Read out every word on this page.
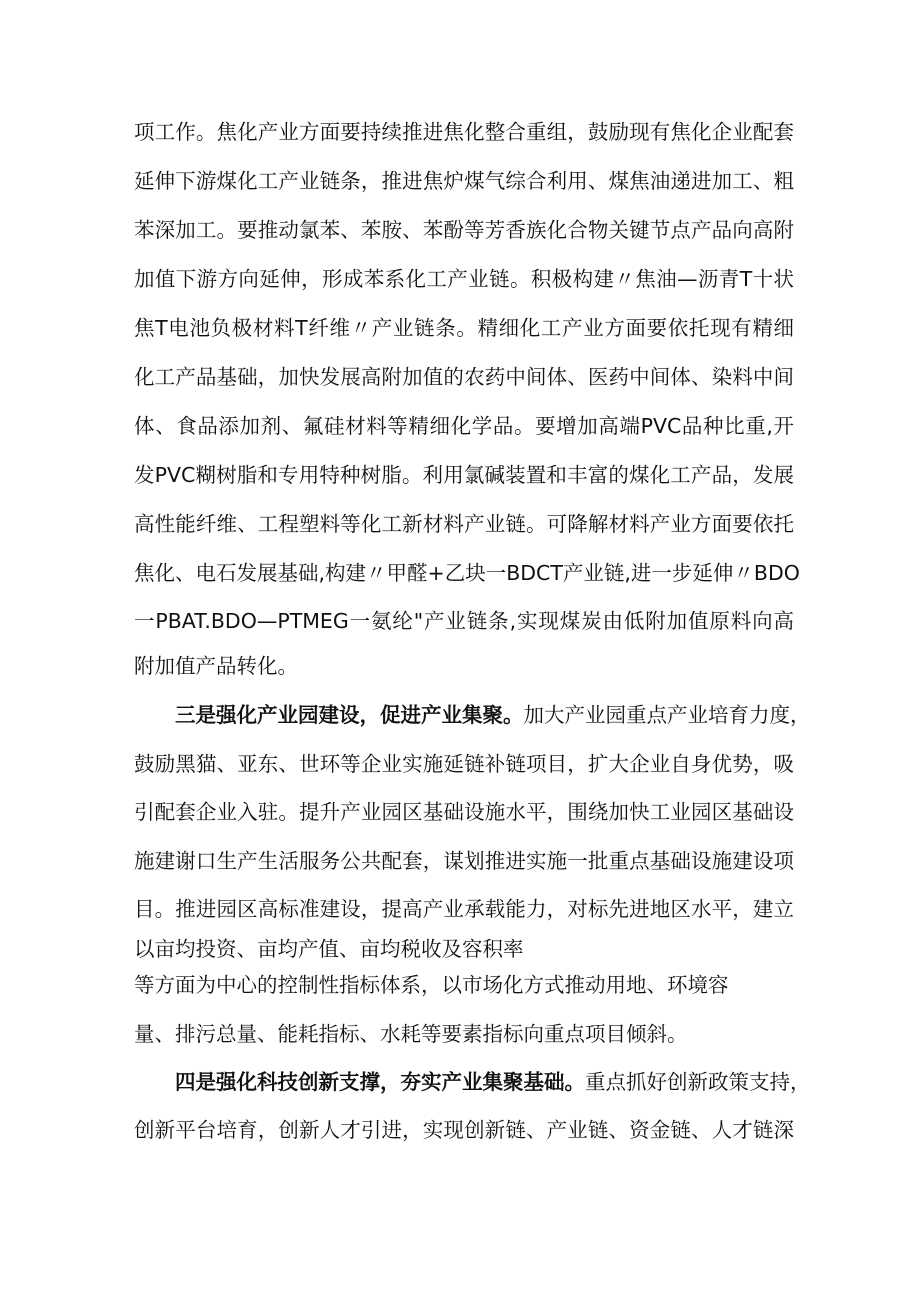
项工作。焦化产业方面要持续推进焦化整合重组，鼓励现有焦化企业配套
延伸下游煤化工产业链条，推进焦炉煤气综合利用、煤焦油递进加工、粗
苯深加工。要推动氯苯、苯胺、苯酚等芳香族化合物关键节点产品向高附
加值下游方向延伸，形成苯系化工产业链。积极构建〃焦油—沥青T十状
焦T电池负极材料T纤维〃产业链条。精细化工产业方面要依托现有精细
化工产品基础，加快发展高附加值的农药中间体、医药中间体、染料中间
体、食品添加剂、氟硅材料等精细化学品。要增加高端PVC品种比重,开
发PVC糊树脂和专用特种树脂。利用氯碱装置和丰富的煤化工产品，发展
高性能纤维、工程塑料等化工新材料产业链。可降解材料产业方面要依托
焦化、电石发展基础,构建〃甲醛+乙块一BDCT产业链,进一步延伸〃BDO
一PBAT.BDO—PTMEG一氨纶"产业链条,实现煤炭由低附加值原料向高
附加值产品转化。
三是强化产业园建设，促进产业集聚。加大产业园重点产业培育力度，
鼓励黑猫、亚东、世环等企业实施延链补链项目，扩大企业自身优势，吸
引配套企业入驻。提升产业园区基础设施水平，围绕加快工业园区基础设
施建谢口生产生活服务公共配套，谋划推进实施一批重点基础设施建设项
目。推进园区高标准建设，提高产业承载能力，对标先进地区水平，建立
以亩均投资、亩均产值、亩均税收及容积率
等方面为中心的控制性指标体系，以市场化方式推动用地、环境容
量、排污总量、能耗指标、水耗等要素指标向重点项目倾斜。
四是强化科技创新支撑，夯实产业集聚基础。重点抓好创新政策支持，
创新平台培育，创新人才引进，实现创新链、产业链、资金链、人才链深
